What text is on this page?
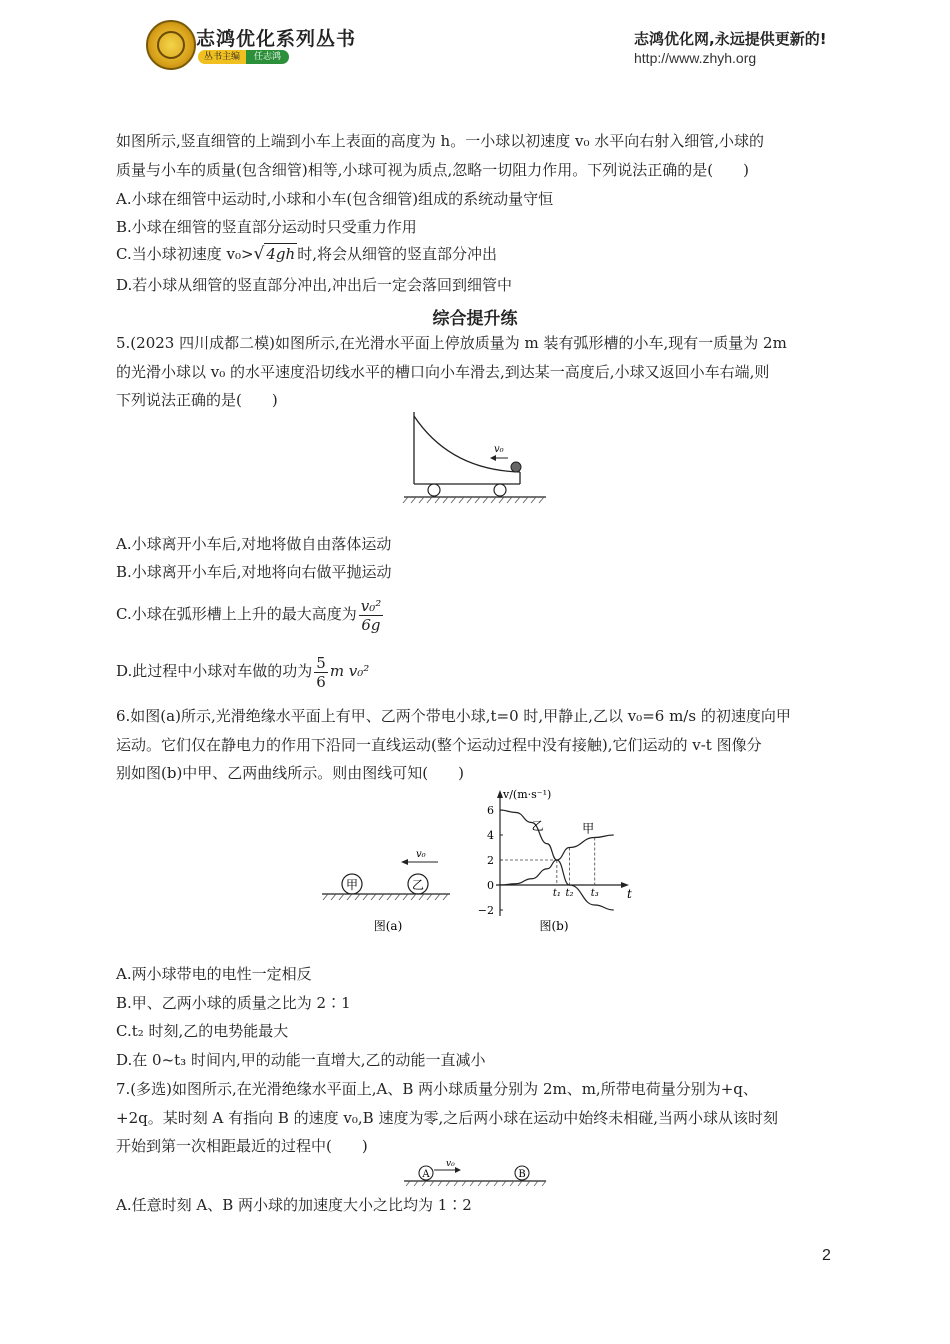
志鸿优化系列丛书
丛书主编	任志鸿
志鸿优化网,永远提供更新的!
http://www.zhyh.org
如图所示,竖直细管的上端到小车上表面的高度为 h。一小球以初速度 v₀ 水平向右射入细管,小球的
质量与小车的质量(包含细管)相等,小球可视为质点,忽略一切阻力作用。下列说法正确的是(　　)
A.小球在细管中运动时,小球和小车(包含细管)组成的系统动量守恒
B.小球在细管的竖直部分运动时只受重力作用
C.当小球初速度 v₀>√ 4gh 时,将会从细管的竖直部分冲出
D.若小球从细管的竖直部分冲出,冲出后一定会落回到细管中
综合提升练
5.(2023 四川成都二模)如图所示,在光滑水平面上停放质量为 m 装有弧形槽的小车,现有一质量为 2m
的光滑小球以 v₀ 的水平速度沿切线水平的槽口向小车滑去,到达某一高度后,小球又返回小车右端,则
下列说法正确的是(　　)
v₀
A.小球离开小车后,对地将做自由落体运动
B.小球离开小车后,对地将向右做平抛运动
C.小球在弧形槽上上升的最大高度为 $\frac{\text{v₀²}}{6g}$
D.此过程中小球对车做的功为 $\frac{5}{6}$ m v₀²
6.如图(a)所示,光滑绝缘水平面上有甲、乙两个带电小球,t=0 时,甲静止,乙以 v₀=6 m/s 的初速度向甲
运动。它们仅在静电力的作用下沿同一直线运动(整个运动过程中没有接触),它们运动的 v-t 图像分
别如图(b)中甲、乙两曲线所示。则由图线可知(　　)
甲	乙
v₀
图(a)
v/(m·s⁻¹)
t
6
4
2
0
−2
t₁ t₂ t₃
乙	甲
图(b)
A.两小球带电的电性一定相反
B.甲、乙两小球的质量之比为 2∶1
C.t₂ 时刻,乙的电势能最大
D.在 0~t₃ 时间内,甲的动能一直增大,乙的动能一直减小
7.(多选)如图所示,在光滑绝缘水平面上,A、B 两小球质量分别为 2m、m,所带电荷量分别为+q、
+2q。某时刻 A 有指向 B 的速度 v₀,B 速度为零,之后两小球在运动中始终未相碰,当两小球从该时刻
开始到第一次相距最近的过程中(　　)
A	B
v₀
A.任意时刻 A、B 两小球的加速度大小之比均为 1∶2
2
